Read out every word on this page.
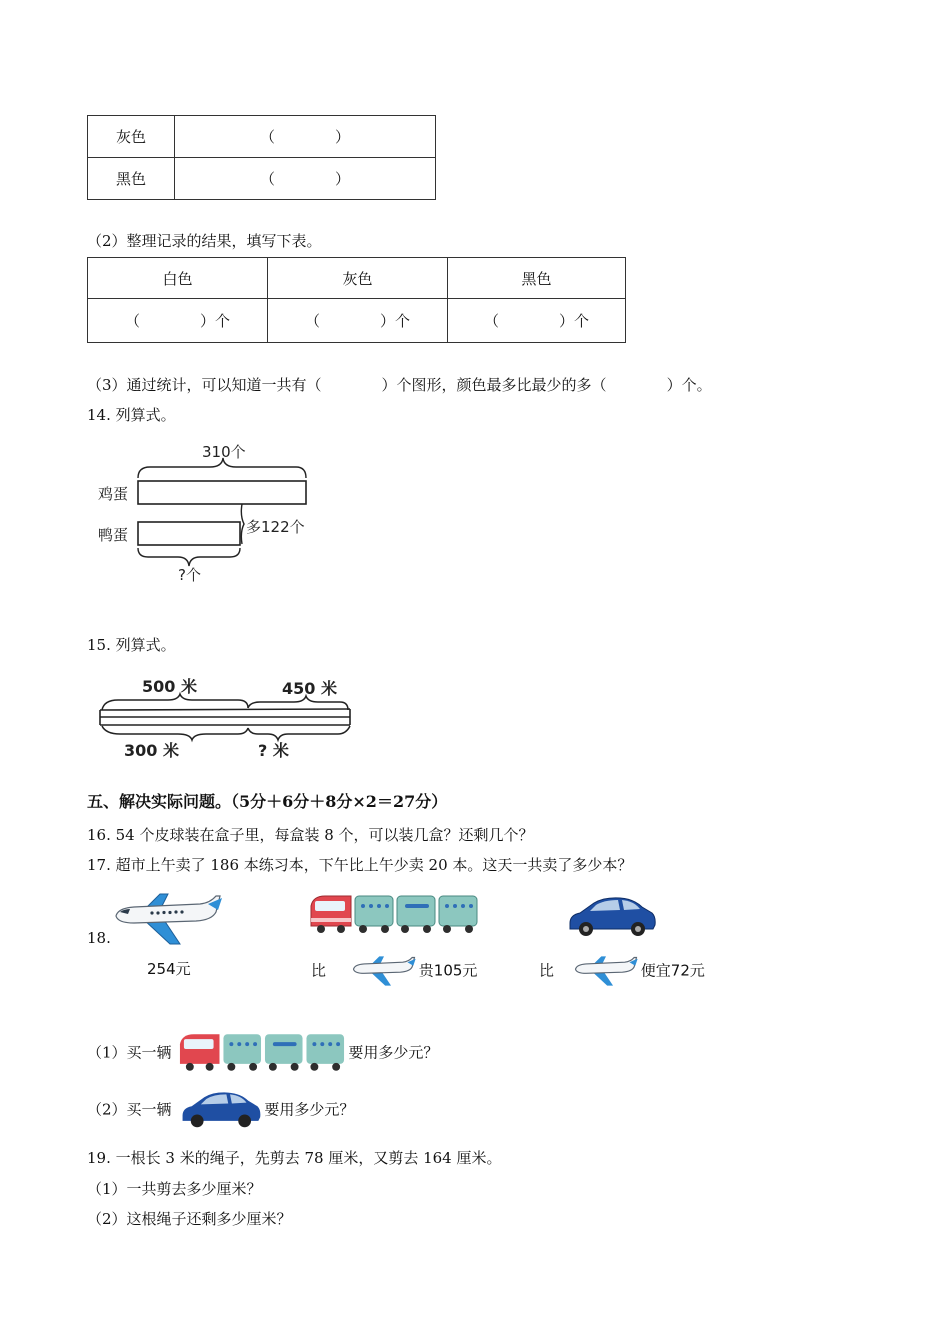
灰色	（　　　　）
黑色	（　　　　）
（2）整理记录的结果，填写下表。
白色	灰色	黑色
（　　　　）个	（　　　　）个	（　　　　）个
（3）通过统计，可以知道一共有（	）个图形，颜色最多比最少的多（	）个。
14. 列算式。
310个
鸡蛋
鸭蛋	多122个
?个
15. 列算式。
500 米	450 米
300 米	? 米
五、解决实际问题。（5分＋6分＋8分×2＝27分）
16. 54 个皮球装在盒子里，每盒装 8 个，可以装几盒？还剩几个？
17. 超市上午卖了 186 本练习本，下午比上午少卖 20 本。这天一共卖了多少本？
18.
254元	比	贵105元	比	便宜72元
（1）买一辆	要用多少元？
（2）买一辆	要用多少元？
19. 一根长 3 米的绳子，先剪去 78 厘米，又剪去 164 厘米。
（1）一共剪去多少厘米？
（2）这根绳子还剩多少厘米？
